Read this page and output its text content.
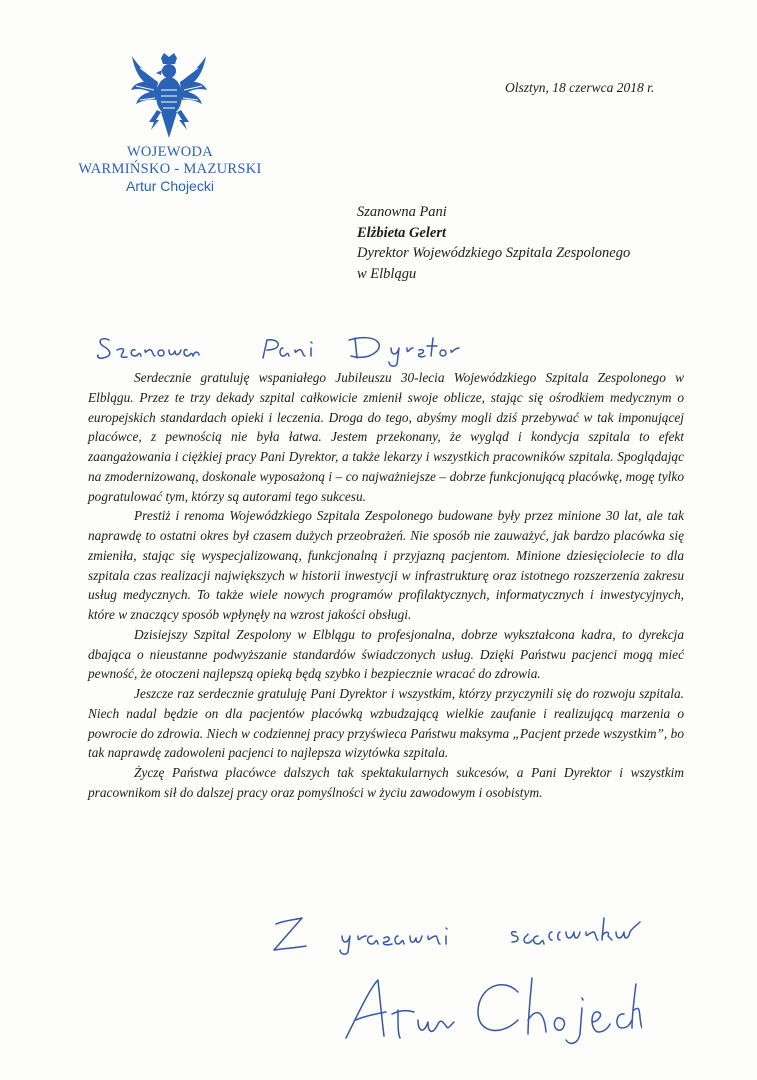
WOJEWODA
WARMIŃSKO - MAZURSKI
Artur Chojecki
Olsztyn, 18 czerwca 2018 r.
Szanowna Pani
Elżbieta Gelert
Dyrektor Wojewódzkiego Szpitala Zespolonego
w Elblągu

Serdecznie gratuluję wspaniałego Jubileuszu 30-lecia Wojewódzkiego Szpitala Zespolonego w Elblągu. Przez te trzy dekady szpital całkowicie zmienił swoje oblicze, stając się ośrodkiem medycznym o europejskich standardach opieki i leczenia. Droga do tego, abyśmy mogli dziś przebywać w tak imponującej placówce, z pewnością nie była łatwa. Jestem przekonany, że wygląd i kondycja szpitala to efekt zaangażowania i ciężkiej pracy Pani Dyrektor, a także lekarzy i wszystkich pracowników szpitala. Spoglądając na zmodernizowaną, doskonale wyposażoną i – co najważniejsze – dobrze funkcjonującą placówkę, mogę tylko pogratulować tym, którzy są autorami tego sukcesu.

Prestiż i renoma Wojewódzkiego Szpitala Zespolonego budowane były przez minione 30 lat, ale tak naprawdę to ostatni okres był czasem dużych przeobrażeń. Nie sposób nie zauważyć, jak bardzo placówka się zmieniła, stając się wyspecjalizowaną, funkcjonalną i przyjazną pacjentom. Minione dziesięciolecie to dla szpitala czas realizacji największych w historii inwestycji w infrastrukturę oraz istotnego rozszerzenia zakresu usług medycznych. To także wiele nowych programów profilaktycznych, informatycznych i inwestycyjnych, które w znaczący sposób wpłynęły na wzrost jakości obsługi.

Dzisiejszy Szpital Zespolony w Elblągu to profesjonalna, dobrze wykształcona kadra, to dyrekcja dbająca o nieustanne podwyższanie standardów świadczonych usług. Dzięki Państwu pacjenci mogą mieć pewność, że otoczeni najlepszą opieką będą szybko i bezpiecznie wracać do zdrowia.

Jeszcze raz serdecznie gratuluję Pani Dyrektor i wszystkim, którzy przyczynili się do rozwoju szpitala. Niech nadal będzie on dla pacjentów placówką wzbudzającą wielkie zaufanie i realizującą marzenia o powrocie do zdrowia. Niech w codziennej pracy przyświeca Państwu maksyma „Pacjent przede wszystkim”, bo tak naprawdę zadowoleni pacjenci to najlepsza wizytówka szpitala.

Życzę Państwa placówce dalszych tak spektakularnych sukcesów, a Pani Dyrektor i wszystkim pracownikom sił do dalszej pracy oraz pomyślności w życiu zawodowym i osobistym.
